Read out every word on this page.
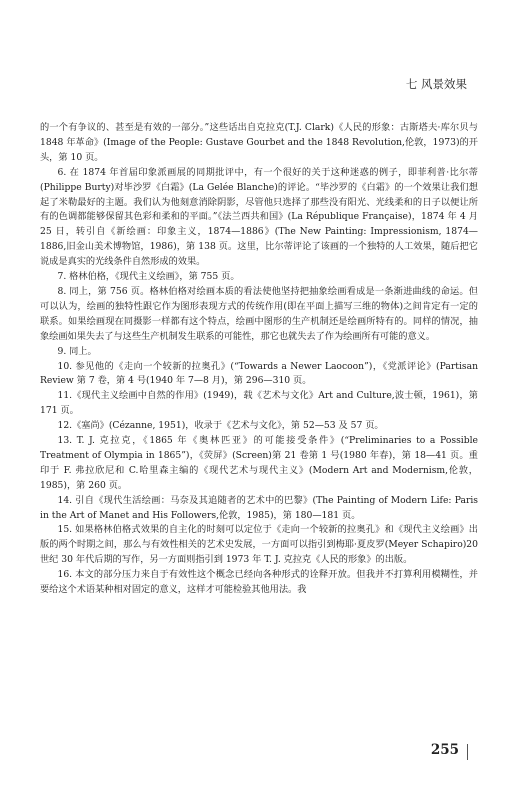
七 风景效果

的一个有争议的、甚至是有效的一部分。”这些话出自克拉克(T.J. Clark)《人民的形象：古斯塔夫·库尔贝与 1848 年革命》(Image of the People: Gustave Gourbet and the 1848 Revolution,伦敦，1973)的开头，第 10 页。

6. 在 1874 年首届印象派画展的同期批评中，有一个很好的关于这种迷惑的例子，即菲利普·比尔蒂(Philippe Burty)对毕沙罗《白霜》(La Gelée Blanche)的评论。“毕沙罗的《白霜》的一个效果让我们想起了米勒最好的主题。我们认为他刻意消除阴影，尽管他只选择了那些没有阳光、光线柔和的日子以便让所有的色调都能够保留其色彩和柔和的平面。”《法兰西共和国》(La République Française)，1874 年 4 月 25 日，转引自《新绘画：印象主义，1874—1886》(The New Painting: Impressionism, 1874—1886,旧金山美术博物馆，1986)，第 138 页。这里，比尔蒂评论了该画的一个独特的人工效果，随后把它说成是真实的光线条件自然形成的效果。

7. 格林伯格，《现代主义绘画》，第 755 页。

8. 同上，第 756 页。格林伯格对绘画本质的看法使他坚持把抽象绘画看成是一条渐进曲线的命运。但可以认为，绘画的独特性跟它作为图形表现方式的传统作用(即在平面上描写三维的物体)之间肯定有一定的联系。如果绘画现在同摄影一样都有这个特点，绘画中图形的生产机制还是绘画所特有的。同样的情况，抽象绘画如果失去了与这些生产机制发生联系的可能性，那它也就失去了作为绘画所有可能的意义。

9. 同上。

10. 参见他的《走向一个较新的拉奥孔》(“Towards a Newer Laocoon”)，《党派评论》(Partisan Review 第 7 卷，第 4 号(1940 年 7—8 月)，第 296—310 页。

11.《现代主义绘画中自然的作用》(1949)，载《艺术与文化》Art and Culture,波士顿，1961)，第 171 页。

12.《塞尚》(Cézanne, 1951)，收录于《艺术与文化》，第 52—53 及 57 页。

13. T. J. 克拉克，《1865 年《奥林匹亚》的可能接受条件》(“Preliminaries to a Possible Treatment of Olympia in 1865”)，《荧屏》(Screen)第 21 卷第 1 号(1980 年春)，第 18—41 页。重印于 F. 弗拉欣尼和 C.哈里森主编的《现代艺术与现代主义》(Modern Art and Modernism,伦敦，1985)，第 260 页。

14. 引自《现代生活绘画：马奈及其追随者的艺术中的巴黎》(The Painting of Modern Life: Paris in the Art of Manet and His Followers,伦敦，1985)，第 180—181 页。

15. 如果格林伯格式效果的自主化的时刻可以定位于《走向一个较新的拉奥孔》和《现代主义绘画》出版的两个时期之间，那么与有效性相关的艺术史发展，一方面可以指引到梅耶·夏皮罗(Meyer Schapiro)20 世纪 30 年代后期的写作，另一方面则指引到 1973 年 T. J. 克拉克《人民的形象》的出版。

16. 本文的部分压力来自于有效性这个概念已经向各种形式的诠释开放。但我并不打算利用模糊性，并要给这个术语某种相对固定的意义，这样才可能检验其他用法。我

255
